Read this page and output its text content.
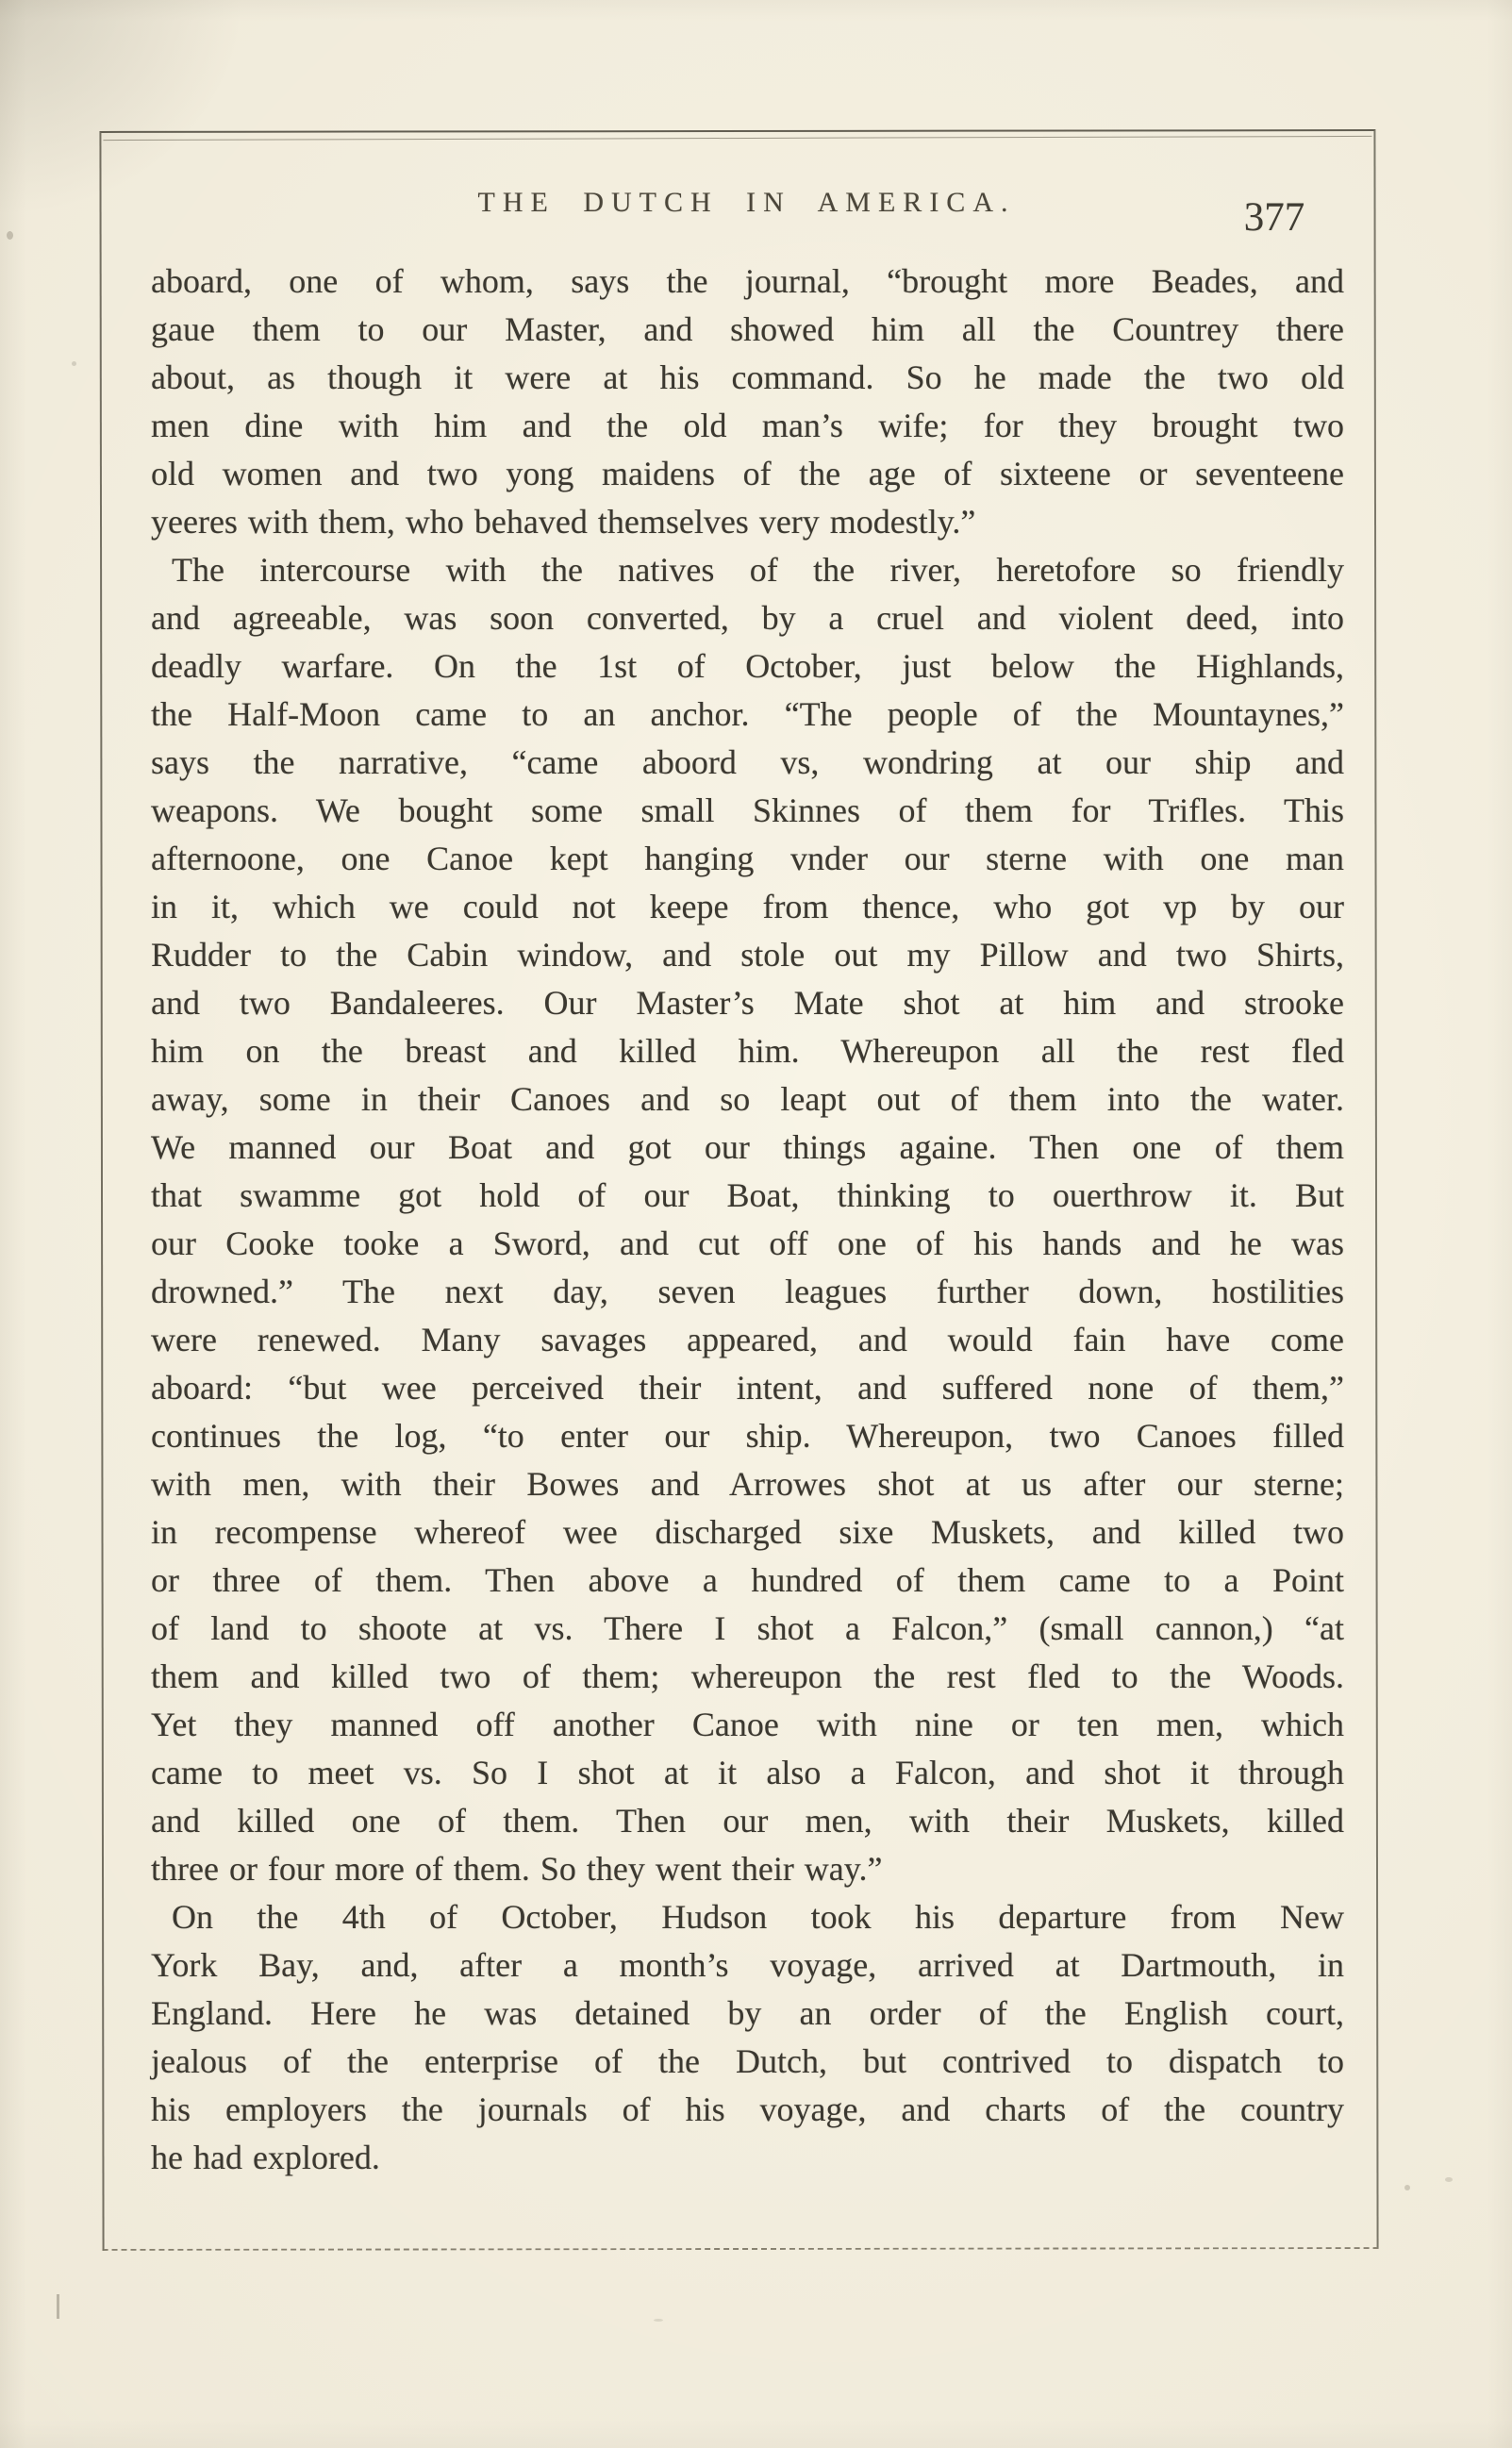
THE DUTCH IN AMERICA.	377
aboard, one of whom, says the journal, “brought more Beades, and
gaue them to our Master, and showed him all the Countrey there
about, as though it were at his command. So he made the two old
men dine with him and the old man’s wife; for they brought two
old women and two yong maidens of the age of sixteene or seventeene
yeeres with them, who behaved themselves very modestly.”
The intercourse with the natives of the river, heretofore so friendly
and agreeable, was soon converted, by a cruel and violent deed, into
deadly warfare. On the 1st of October, just below the Highlands,
the Half-Moon came to an anchor. “The people of the Mountaynes,”
says the narrative, “came aboord vs, wondring at our ship and
weapons. We bought some small Skinnes of them for Trifles. This
afternoone, one Canoe kept hanging vnder our sterne with one man
in it, which we could not keepe from thence, who got vp by our
Rudder to the Cabin window, and stole out my Pillow and two Shirts,
and two Bandaleeres. Our Master’s Mate shot at him and strooke
him on the breast and killed him. Whereupon all the rest fled
away, some in their Canoes and so leapt out of them into the water.
We manned our Boat and got our things againe. Then one of them
that swamme got hold of our Boat, thinking to ouerthrow it. But
our Cooke tooke a Sword, and cut off one of his hands and he was
drowned.” The next day, seven leagues further down, hostilities
were renewed. Many savages appeared, and would fain have come
aboard: “but wee perceived their intent, and suffered none of them,”
continues the log, “to enter our ship. Whereupon, two Canoes filled
with men, with their Bowes and Arrowes shot at us after our sterne;
in recompense whereof wee discharged sixe Muskets, and killed two
or three of them. Then above a hundred of them came to a Point
of land to shoote at vs. There I shot a Falcon,” (small cannon,) “at
them and killed two of them; whereupon the rest fled to the Woods.
Yet they manned off another Canoe with nine or ten men, which
came to meet vs. So I shot at it also a Falcon, and shot it through
and killed one of them. Then our men, with their Muskets, killed
three or four more of them. So they went their way.”
On the 4th of October, Hudson took his departure from New
York Bay, and, after a month’s voyage, arrived at Dartmouth, in
England. Here he was detained by an order of the English court,
jealous of the enterprise of the Dutch, but contrived to dispatch to
his employers the journals of his voyage, and charts of the country
he had explored.
